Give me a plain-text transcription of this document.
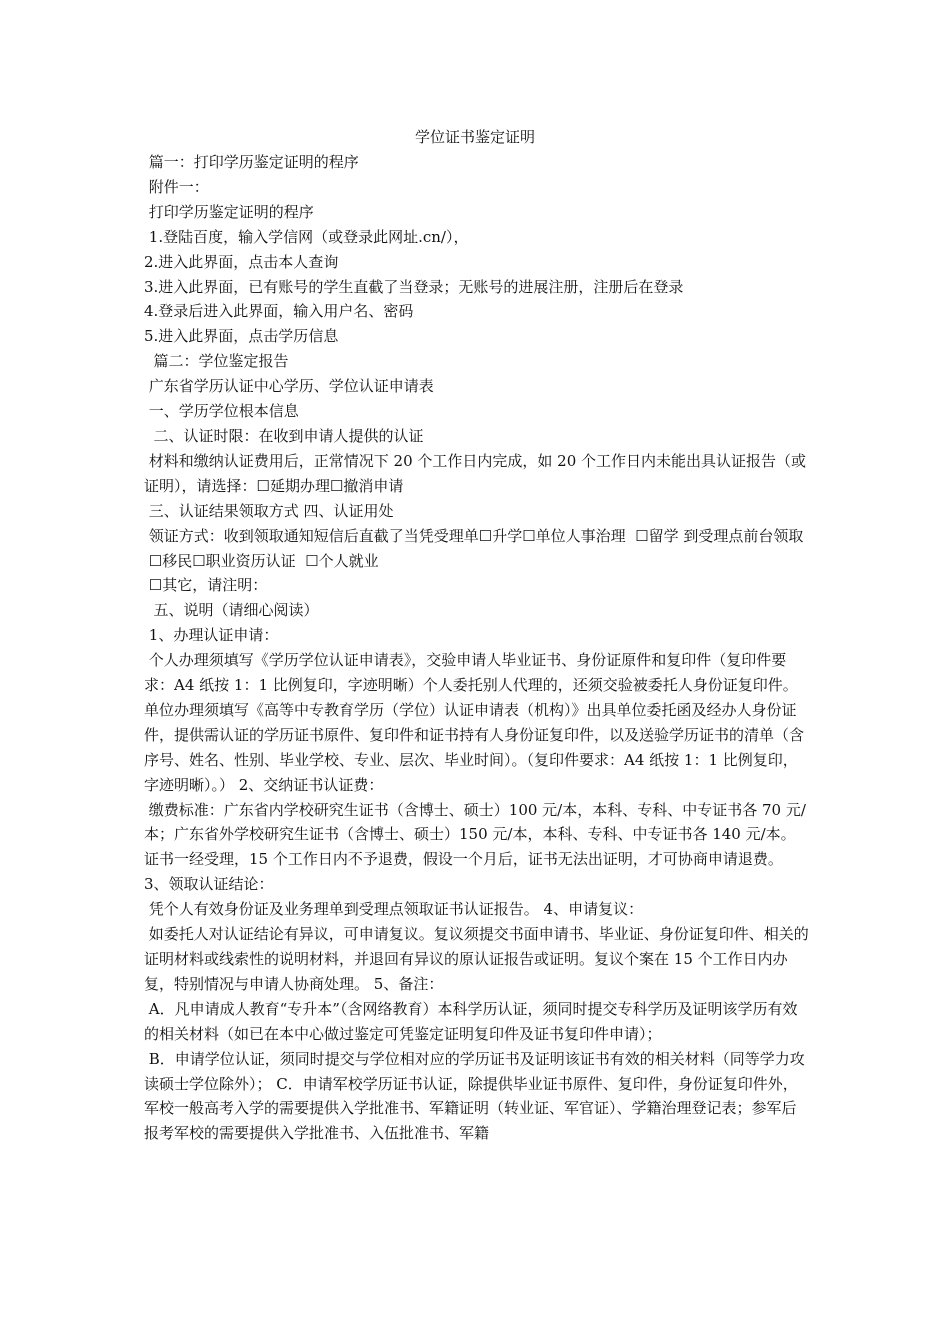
学位证书鉴定证明

篇一：打印学历鉴定证明的程序

附件一：

打印学历鉴定证明的程序

1.登陆百度，输入学信网（或登录此网址.cn/），

2.进入此界面，点击本人查询

3.进入此界面，已有账号的学生直截了当登录；无账号的进展注册，注册后在登录

4.登录后进入此界面，输入用户名、密码

5.进入此界面，点击学历信息

篇二：学位鉴定报告

广东省学历认证中心学历、学位认证申请表

一、学历学位根本信息

二、认证时限：在收到申请人提供的认证

材料和缴纳认证费用后，正常情况下 20 个工作日内完成，如 20 个工作日内未能出具认证报告（或证明），请选择：☐延期办理☐撤消申请

三、认证结果领取方式 四、认证用处

领证方式：收到领取通知短信后直截了当凭受理单☐升学☐单位人事治理  ☐留学 到受理点前台领取

☐移民☐职业资历认证  ☐个人就业

☐其它，请注明：

五、说明（请细心阅读）

1、办理认证申请：

个人办理须填写《学历学位认证申请表》，交验申请人毕业证书、身份证原件和复印件（复印件要求：A4 纸按 1：1 比例复印，字迹明晰）个人委托别人代理的，还须交验被委托人身份证复印件。单位办理须填写《高等中专教育学历（学位）认证申请表（机构）》出具单位委托函及经办人身份证件，提供需认证的学历证书原件、复印件和证书持有人身份证复印件，以及送验学历证书的清单（含序号、姓名、性别、毕业学校、专业、层次、毕业时间）。（复印件要求：A4 纸按 1：1 比例复印，字迹明晰）。） 2、交纳证书认证费：

缴费标准：广东省内学校研究生证书（含博士、硕士）100 元/本，本科、专科、中专证书各 70 元/本；广东省外学校研究生证书（含博士、硕士）150 元/本，本科、专科、中专证书各 140 元/本。证书一经受理，15 个工作日内不予退费，假设一个月后，证书无法出证明，才可协商申请退费。 3、领取认证结论：

凭个人有效身份证及业务理单到受理点领取证书认证报告。 4、申请复议：

如委托人对认证结论有异议，可申请复议。复议须提交书面申请书、毕业证、身份证复印件、相关的证明材料或线索性的说明材料，并退回有异议的原认证报告或证明。复议个案在 15 个工作日内办复，特别情况与申请人协商处理。 5、备注：

A．凡申请成人教育“专升本”（含网络教育）本科学历认证，须同时提交专科学历及证明该学历有效的相关材料（如已在本中心做过鉴定可凭鉴定证明复印件及证书复印件申请）；

B．申请学位认证，须同时提交与学位相对应的学历证书及证明该证书有效的相关材料（同等学力攻读硕士学位除外）； C．申请军校学历证书认证，除提供毕业证书原件、复印件，身份证复印件外，军校一般高考入学的需要提供入学批准书、军籍证明（转业证、军官证）、学籍治理登记表；参军后报考军校的需要提供入学批准书、入伍批准书、军籍
